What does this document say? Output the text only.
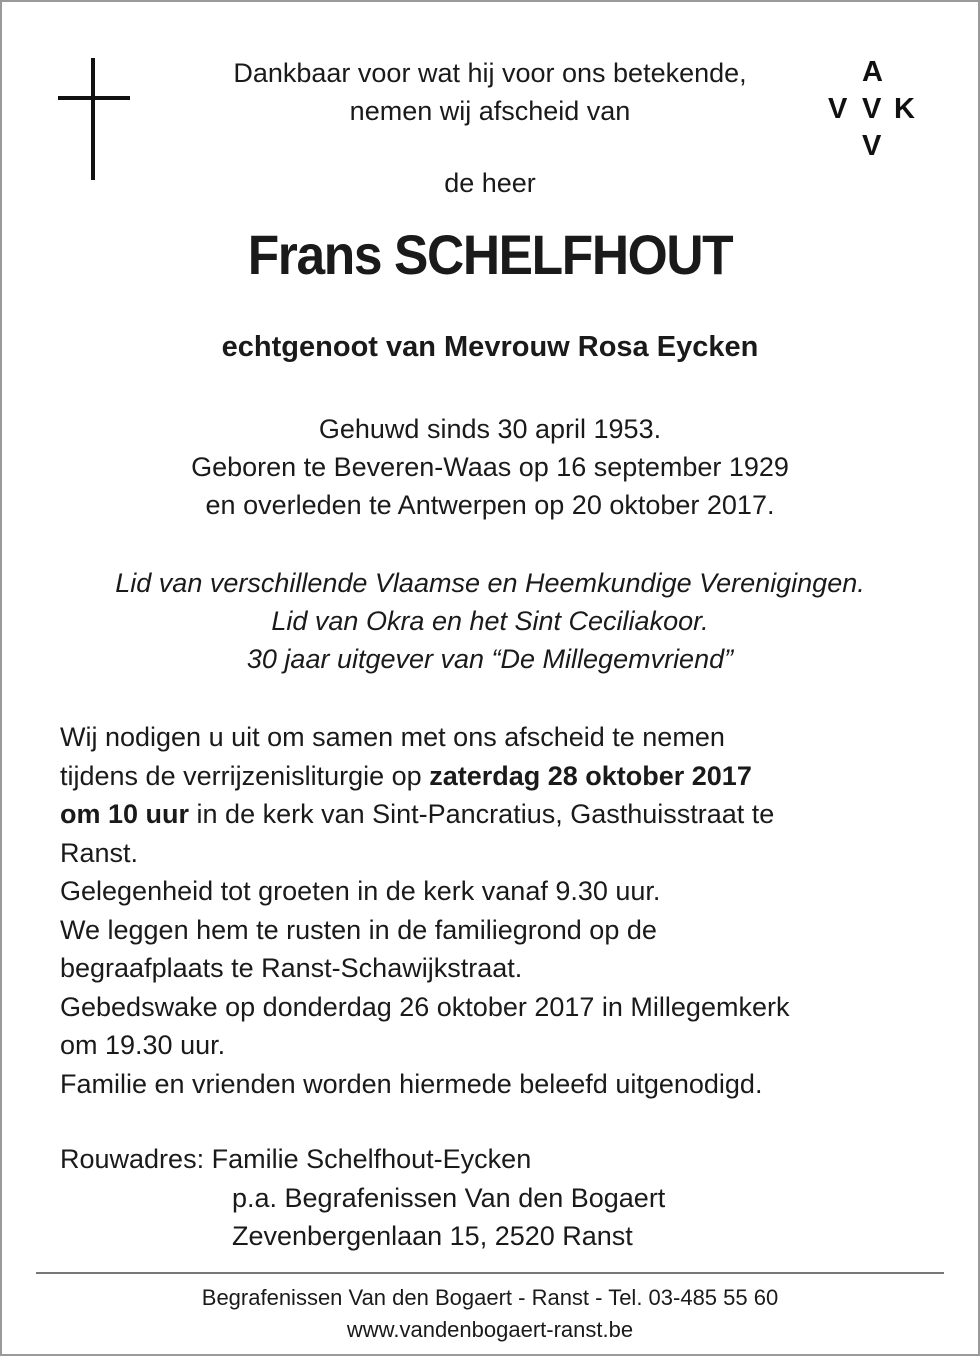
Dankbaar voor wat hij voor ons betekende,
nemen wij afscheid van
A
V V K
V
de heer
Frans SCHELFHOUT
echtgenoot van Mevrouw Rosa Eycken
Gehuwd sinds 30 april 1953.
Geboren te Beveren-Waas op 16 september 1929
en overleden te Antwerpen op 20 oktober 2017.
Lid van verschillende Vlaamse en Heemkundige Verenigingen.
Lid van Okra en het Sint Ceciliakoor.
30 jaar uitgever van “De Millegemvriend”
Wij nodigen u uit om samen met ons afscheid te nemen
tijdens de verrijzenisliturgie op zaterdag 28 oktober 2017
om 10 uur in de kerk van Sint-Pancratius, Gasthuisstraat te
Ranst.
Gelegenheid tot groeten in de kerk vanaf 9.30 uur.
We leggen hem te rusten in de familiegrond op de
begraafplaats te Ranst-Schawijkstraat.
Gebedswake op donderdag 26 oktober 2017 in Millegemkerk
om 19.30 uur.
Familie en vrienden worden hiermede beleefd uitgenodigd.
Rouwadres: Familie Schelfhout-Eycken
p.a. Begrafenissen Van den Bogaert
Zevenbergenlaan 15, 2520 Ranst
Begrafenissen Van den Bogaert - Ranst - Tel. 03-485 55 60
www.vandenbogaert-ranst.be
